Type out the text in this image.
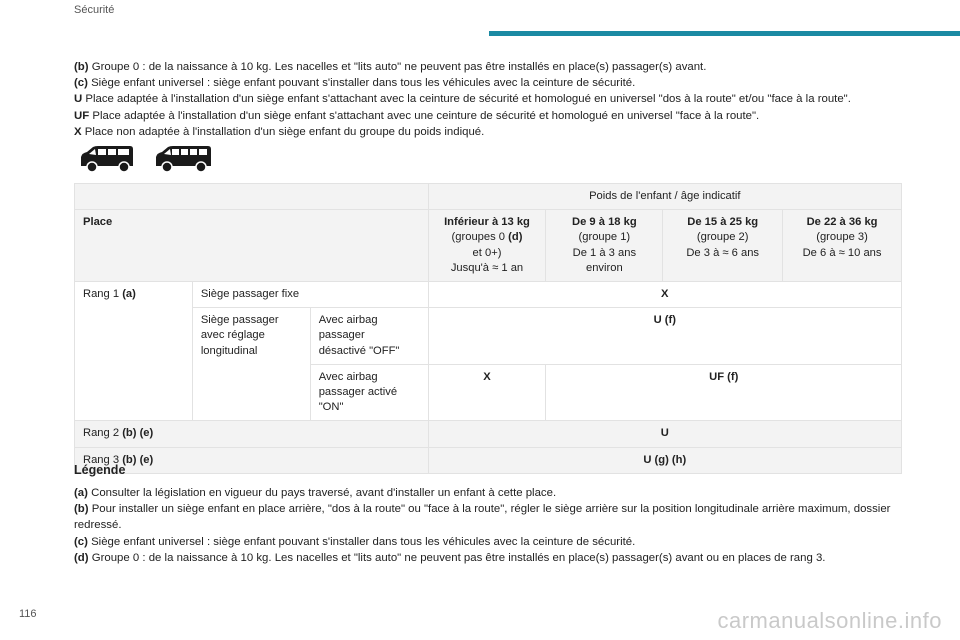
Sécurité

(b) Groupe 0 : de la naissance à 10 kg. Les nacelles et "lits auto" ne peuvent pas être installés en place(s) passager(s) avant.

(c) Siège enfant universel : siège enfant pouvant s'installer dans tous les véhicules avec la ceinture de sécurité.

U Place adaptée à l'installation d'un siège enfant s'attachant avec la ceinture de sécurité et homologué en universel "dos à la route" et/ou "face à la route".

UF Place adaptée à l'installation d'un siège enfant s'attachant avec une ceinture de sécurité et homologué en universel "face à la route".

X Place non adaptée à l'installation d'un siège enfant du groupe du poids indiqué.

			Poids de l'enfant / âge indicatif			
Place			Inférieur à 13 kg
(groupes 0 (d)
et 0+)
Jusqu'à ≈ 1 an	De 9 à 18 kg
(groupe 1)
De 1 à 3 ans
environ	De 15 à 25 kg
(groupe 2)
De 3 à ≈ 6 ans	De 22 à 36 kg
(groupe 3)
De 6 à ≈ 10 ans
Rang 1 (a)	Siège passager fixe		X			
	Siège passager
avec réglage
longitudinal	Avec airbag
passager
désactivé "OFF"	U (f)			
		Avec airbag
passager activé
"ON"	X	UF (f)		
Rang 2 (b) (e)			U			
Rang 3 (b) (e)			U (g) (h)			
Légende

(a) Consulter la législation en vigueur du pays traversé, avant d'installer un enfant à cette place.

(b) Pour installer un siège enfant en place arrière, "dos à la route" ou "face à la route", régler le siège arrière sur la position longitudinale arrière maximum, dossier redressé.

(c) Siège enfant universel : siège enfant pouvant s'installer dans tous les véhicules avec la ceinture de sécurité.

(d) Groupe 0 : de la naissance à 10 kg. Les nacelles et "lits auto" ne peuvent pas être installés en place(s) passager(s) avant ou en places de rang 3.

116	carmanualsonline.info
